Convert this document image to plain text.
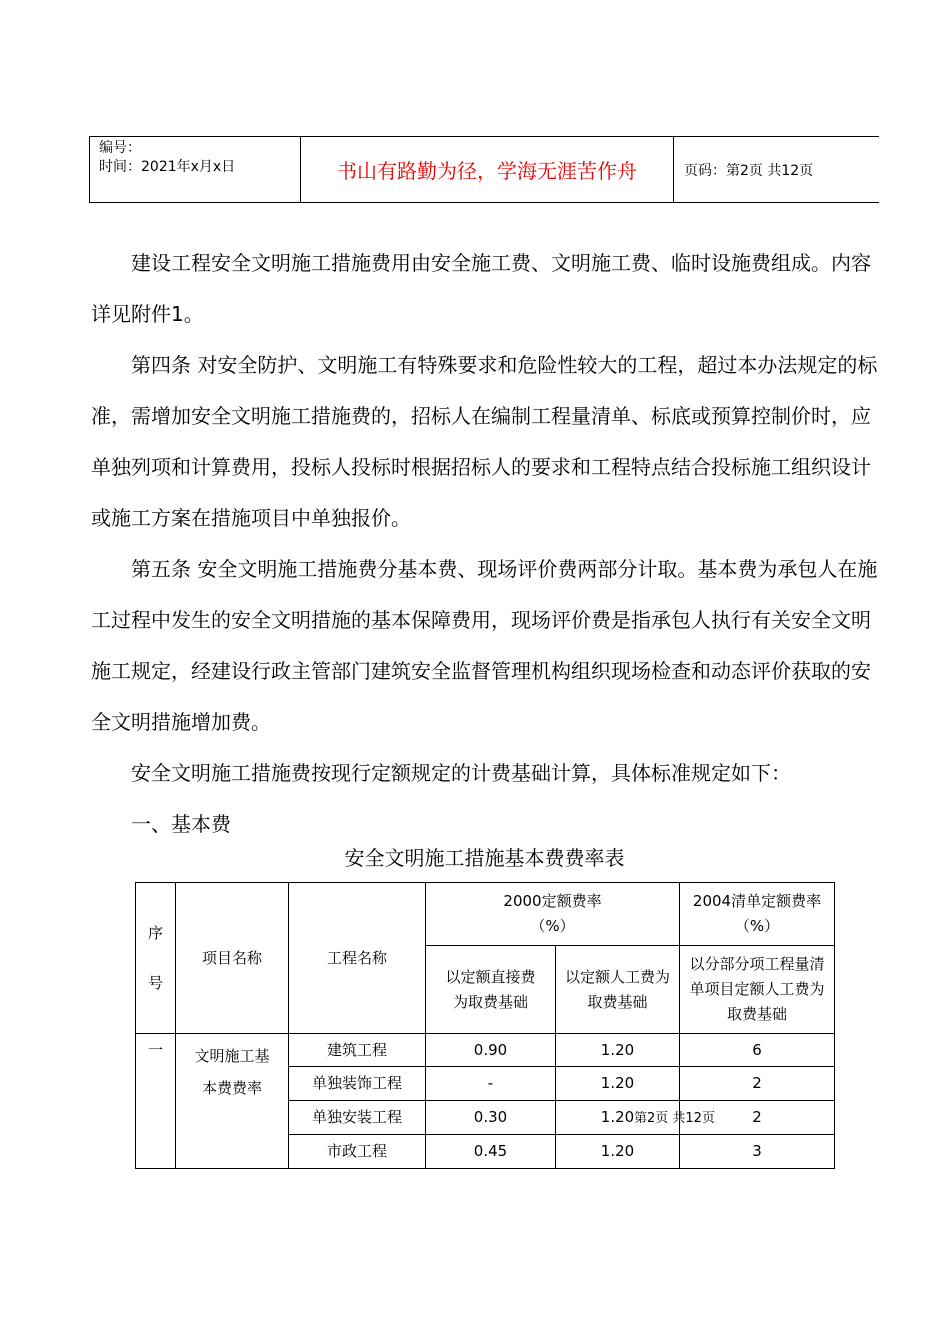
编号：
时间：2021年x月x日	书山有路勤为径，学海无涯苦作舟	页码：第2页 共12页

建设工程安全文明施工措施费用由安全施工费、文明施工费、临时设施费组成。内容详见附件1。

第四条 对安全防护、文明施工有特殊要求和危险性较大的工程，超过本办法规定的标准，需增加安全文明施工措施费的，招标人在编制工程量清单、标底或预算控制价时，应单独列项和计算费用，投标人投标时根据招标人的要求和工程特点结合投标施工组织设计或施工方案在措施项目中单独报价。

第五条 安全文明施工措施费分基本费、现场评价费两部分计取。基本费为承包人在施工过程中发生的安全文明措施的基本保障费用，现场评价费是指承包人执行有关安全文明施工规定，经建设行政主管部门建筑安全监督管理机构组织现场检查和动态评价获取的安全文明措施增加费。

安全文明施工措施费按现行定额规定的计费基础计算，具体标准规定如下：

一、基本费

安全文明施工措施基本费费率表
序
号	项目名称	工程名称	2000定额费率（%）		2004清单定额费率（%）
			以定额直接费为取费基础	以定额人工费为取费基础	以分部分项工程量清单项目定额人工费为取费基础
一	文明施工基本费费率	建筑工程	0.90	1.20	6
		单独装饰工程	-	1.20	2
		单独安装工程	0.30	1.20 第2页 共12页	2
		市政工程	0.45	1.20	3
